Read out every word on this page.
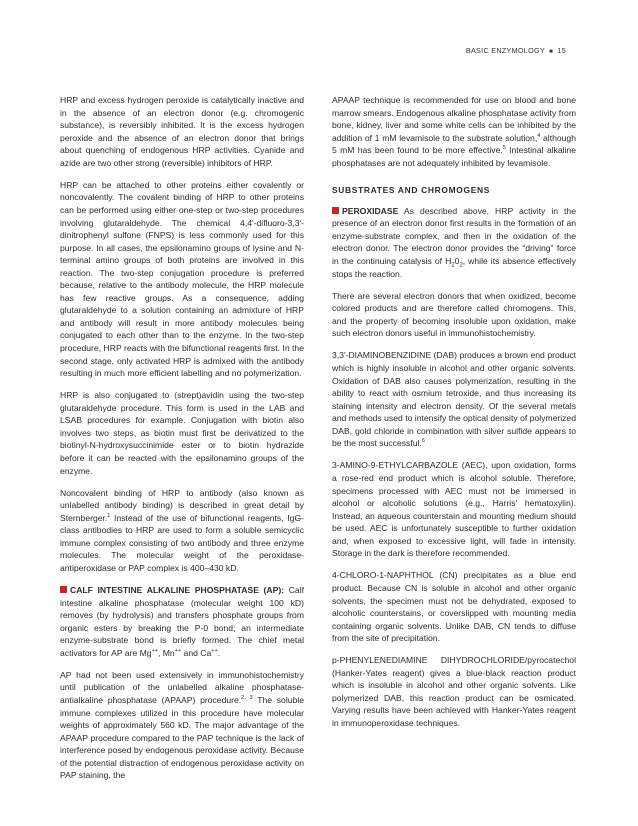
BASIC ENZYMOLOGY ■ 15

HRP and excess hydrogen peroxide is catalytically inactive and in the absence of an electron donor (e.g. chromogenic substance), is reversibly inhibited. It is the excess hydrogen peroxide and the absence of an electron donor that brings about quenching of endogenous HRP activities. Cyanide and azide are two other strong (reversible) inhibitors of HRP.

HRP can be attached to other proteins either covalently or noncovalently. The covalent binding of HRP to other proteins can be performed using either one-step or two-step procedures involving glutaraldehyde. The chemical 4,4'-difluoro-3,3'-dinitrophenyl sulfone (FNPS) is less commonly used for this purpose. In all cases, the epsilonamino groups of lysine and N-terminal amino groups of both proteins are involved in this reaction. The two-step conjugation procedure is preferred because, relative to the antibody molecule, the HRP molecule has few reactive groups. As a consequence, adding glutaraldehyde to a solution containing an admixture of HRP and antibody will result in more antibody molecules being conjugated to each other than to the enzyme. In the two-step procedure, HRP reacts with the bifunctional reagents first. In the second stage, only activated HRP is admixed with the antibody resulting in much more efficient labelling and no polymerization.

HRP is also conjugated to (strept)avidin using the two-step glutaraldehyde procedure. This form is used in the LAB and LSAB procedures for example. Conjugation with biotin also involves two steps, as biotin must first be derivatized to the biotinyl-N-hydroxysuccinimide ester or to biotin hydrazide before it can be reacted with the epsilonamino groups of the enzyme.

Noncovalent binding of HRP to antibody (also known as unlabelled antibody binding) is described in great detail by Sternberger.$^1$ Instead of the use of bifunctional reagents, IgG-class antibodies to HRP are used to form a soluble semicyclic immune complex consisting of two antibody and three enzyme molecules. The molecular weight of the peroxidase-antiperoxidase or PAP complex is 400–430 kD.

CALF INTESTINE ALKALINE PHOSPHATASE (AP): Calf intestine alkaline phosphatase (molecular weight 100 kD) removes (by hydrolysis) and transfers phosphate groups from organic esters by breaking the P-0 bond; an intermediate enzyme-substrate bond is briefly formed. The chief metal activators for AP are Mg++, Mn++ and Ca++.

AP had not been used extensively in immunohistochemistry until publication of the unlabelled alkaline phosphatase-antialkaline phosphatase (APAAP) procedure.$^{2, 3}$ The soluble immune complexes utilized in this procedure have molecular weights of approximately 560 kD. The major advantage of the APAAP procedure compared to the PAP technique is the lack of interference posed by endogenous peroxidase activity. Because of the potential distraction of endogenous peroxidase activity on PAP staining, the

APAAP technique is recommended for use on blood and bone marrow smears. Endogenous alkaline phosphatase activity from bone, kidney, liver and some white cells can be inhibited by the addition of 1 mM levamisole to the substrate solution,$^4$ although 5 mM has been found to be more effective.$^5$ Intestinal alkaline phosphatases are not adequately inhibited by levamisole.

SUBSTRATES AND CHROMOGENS

PEROXIDASE As described above, HRP activity in the presence of an electron donor first results in the formation of an enzyme-substrate complex, and then in the oxidation of the electron donor. The electron donor provides the “driving” force in the continuing catalysis of $H_20_2$, while its absence effectively stops the reaction.

There are several electron donors that when oxidized, become colored products and are therefore called chromogens. This, and the property of becoming insoluble upon oxidation, make such electron donors useful in immunohistochemistry.

3,3'-DIAMINOBENZIDINE (DAB) produces a brown end product which is highly insoluble in alcohol and other organic solvents. Oxidation of DAB also causes polymerization, resulting in the ability to react with osmium tetroxide, and thus increasing its staining intensity and electron density. Of the several metals and methods used to intensify the optical density of polymerized DAB, gold chloride in combination with silver sulfide appears to be the most successful.$^6$

3-AMINO-9-ETHYLCARBAZOLE (AEC), upon oxidation, forms a rose-red end product which is alcohol soluble. Therefore, specimens processed with AEC must not be immersed in alcohol or alcoholic solutions (e.g., Harris' hematoxylin). Instead, an aqueous counterstain and mounting medium should be used. AEC is unfortunately susceptible to further oxidation and, when exposed to excessive light, will fade in intensity. Storage in the dark is therefore recommended.

4-CHLORO-1-NAPHTHOL (CN) precipitates as a blue end product. Because CN is soluble in alcohol and other organic solvents, the specimen must not be dehydrated, exposed to alcoholic counterstains, or coverslipped with mounting media containing organic solvents. Unlike DAB, CN tends to diffuse from the site of precipitation.

p-PHENYLENEDIAMINE DIHYDROCHLORIDE/pyrocatechol (Hanker-Yates reagent) gives a blue-black reaction product which is insoluble in alcohol and other organic solvents. Like polymerized DAB, this reaction product can be osmicated. Varying results have been achieved with Hanker-Yates reagent in immunoperoxidase techniques.
